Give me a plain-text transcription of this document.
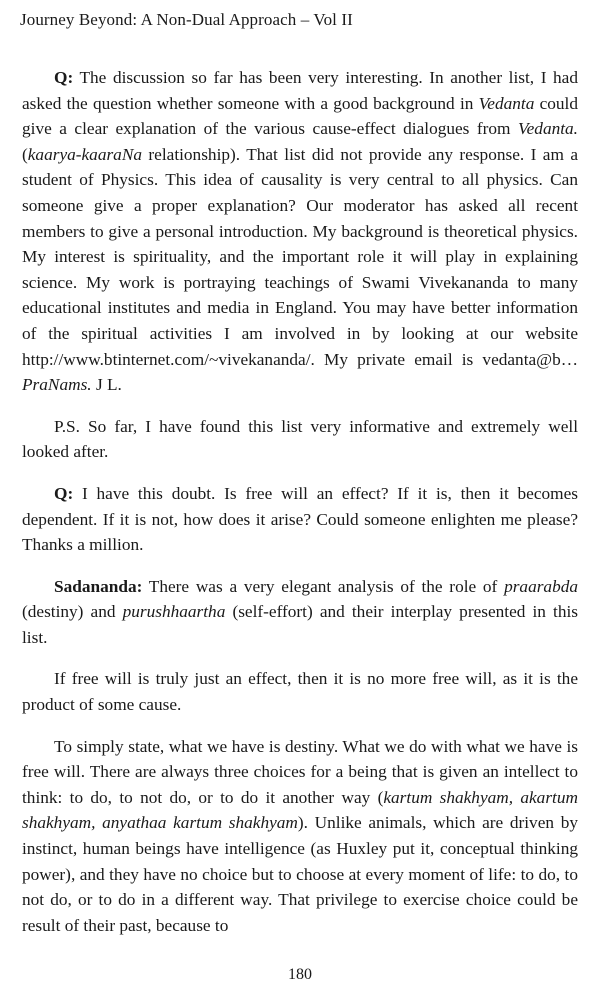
Journey Beyond: A Non-Dual Approach – Vol II

Q: The discussion so far has been very interesting. In another list, I had asked the question whether someone with a good background in Vedanta could give a clear explanation of the various cause-effect dialogues from Vedanta. (kaarya-kaaraNa relationship). That list did not provide any response. I am a student of Physics. This idea of causality is very central to all physics. Can someone give a proper explanation? Our moderator has asked all recent members to give a personal introduction. My background is theoretical physics. My interest is spirituality, and the important role it will play in explaining science. My work is portraying teachings of Swami Vivekananda to many educational institutes and media in England. You may have better information of the spiritual activities I am involved in by looking at our website http://www.btinternet.com/~vivekananda/. My private email is vedanta@b… PraNams. J L.

P.S. So far, I have found this list very informative and extremely well looked after.

Q: I have this doubt. Is free will an effect? If it is, then it becomes dependent. If it is not, how does it arise? Could someone enlighten me please? Thanks a million.

Sadananda: There was a very elegant analysis of the role of praarabda (destiny) and purushhaartha (self-effort) and their interplay presented in this list.

If free will is truly just an effect, then it is no more free will, as it is the product of some cause.

To simply state, what we have is destiny. What we do with what we have is free will. There are always three choices for a being that is given an intellect to think: to do, to not do, or to do it another way (kartum shakhyam, akartum shakhyam, anyathaa kartum shakhyam). Unlike animals, which are driven by instinct, human beings have intelligence (as Huxley put it, conceptual thinking power), and they have no choice but to choose at every moment of life: to do, to not do, or to do in a different way. That privilege to exercise choice could be result of their past, because to

180
